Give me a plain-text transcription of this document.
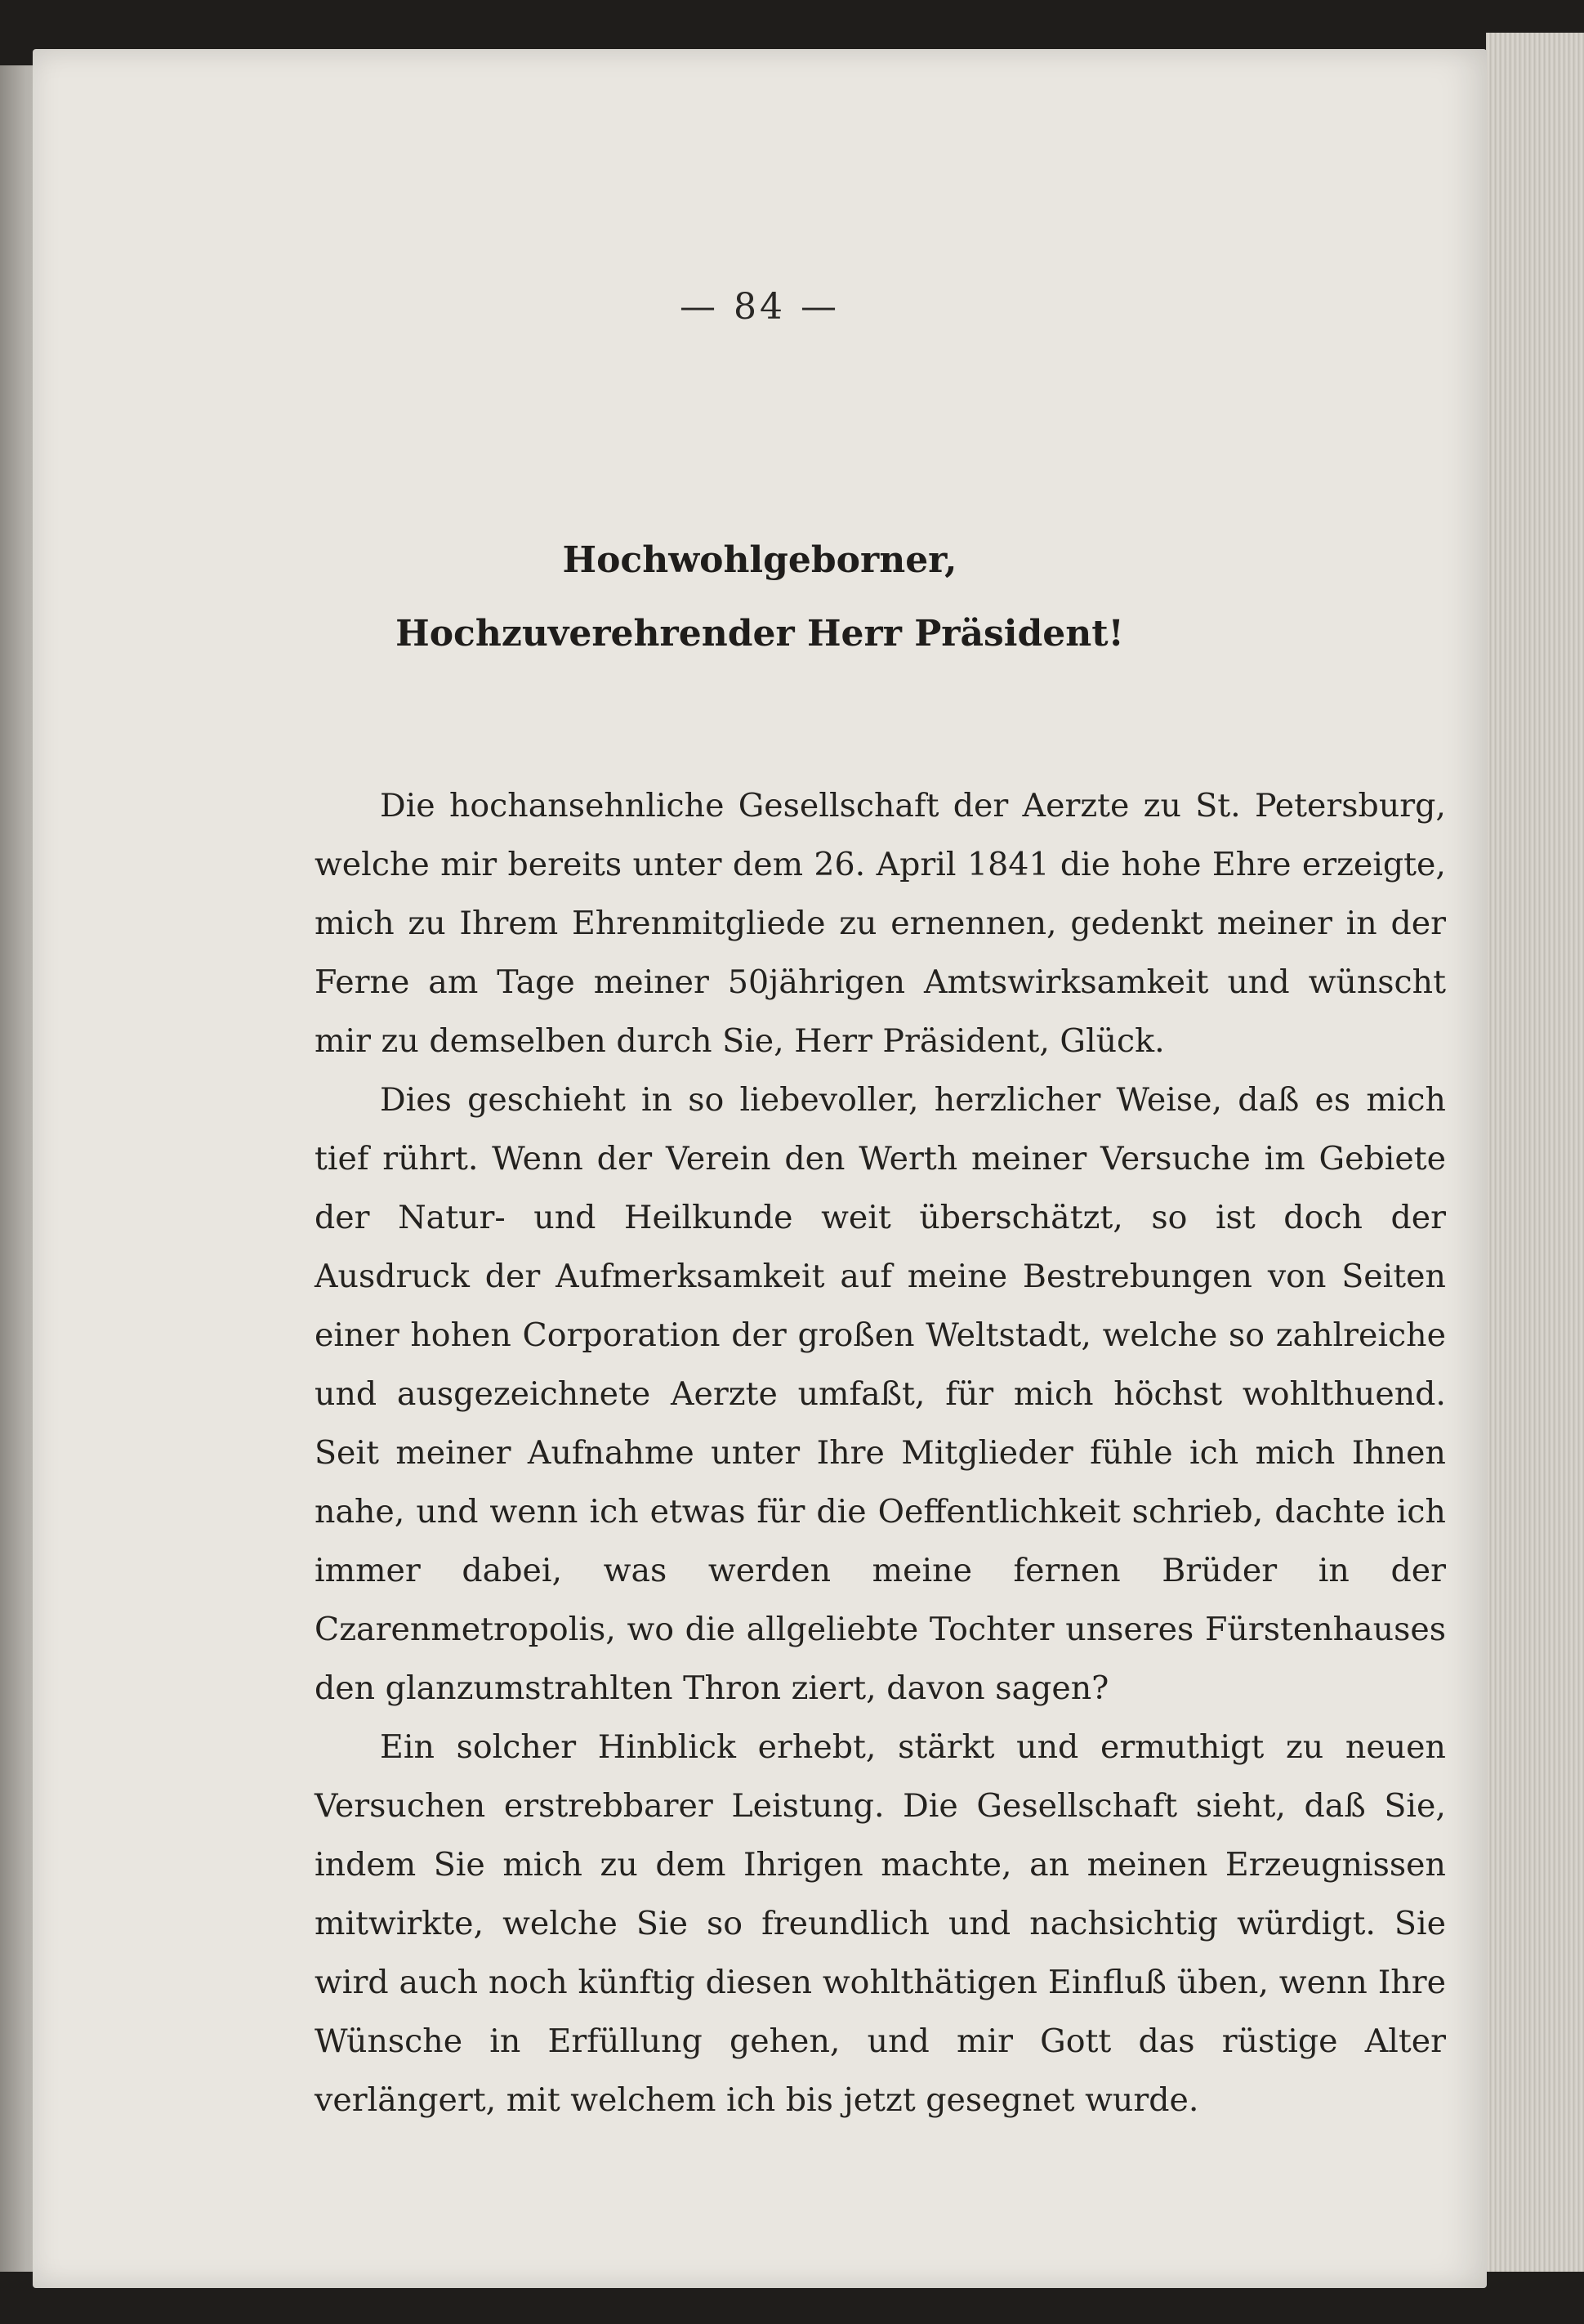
— 84 —
Hochwohlgeborner,
Hochzuverehrender Herr Präsident!

Die hochansehnliche Gesellschaft der Aerzte zu St. Petersburg, welche mir bereits unter dem 26. April 1841 die hohe Ehre erzeigte, mich zu Ihrem Ehrenmitgliede zu ernennen, gedenkt meiner in der Ferne am Tage meiner 50jährigen Amtswirksamkeit und wünscht mir zu demselben durch Sie, Herr Präsident, Glück.

Dies geschieht in so liebevoller, herzlicher Weise, daß es mich tief rührt. Wenn der Verein den Werth meiner Versuche im Gebiete der Natur- und Heilkunde weit überschätzt, so ist doch der Ausdruck der Aufmerksamkeit auf meine Bestrebungen von Seiten einer hohen Corporation der großen Weltstadt, welche so zahlreiche und ausgezeichnete Aerzte umfaßt, für mich höchst wohlthuend. Seit meiner Aufnahme unter Ihre Mitglieder fühle ich mich Ihnen nahe, und wenn ich etwas für die Oeffentlichkeit schrieb, dachte ich immer dabei, was werden meine fernen Brüder in der Czarenmetropolis, wo die allgeliebte Tochter unseres Fürstenhauses den glanzumstrahlten Thron ziert, davon sagen?

Ein solcher Hinblick erhebt, stärkt und ermuthigt zu neuen Versuchen erstrebbarer Leistung. Die Gesellschaft sieht, daß Sie, indem Sie mich zu dem Ihrigen machte, an meinen Erzeugnissen mitwirkte, welche Sie so freundlich und nachsichtig würdigt. Sie wird auch noch künftig diesen wohlthätigen Einfluß üben, wenn Ihre Wünsche in Erfüllung gehen, und mir Gott das rüstige Alter verlängert, mit welchem ich bis jetzt gesegnet wurde.
